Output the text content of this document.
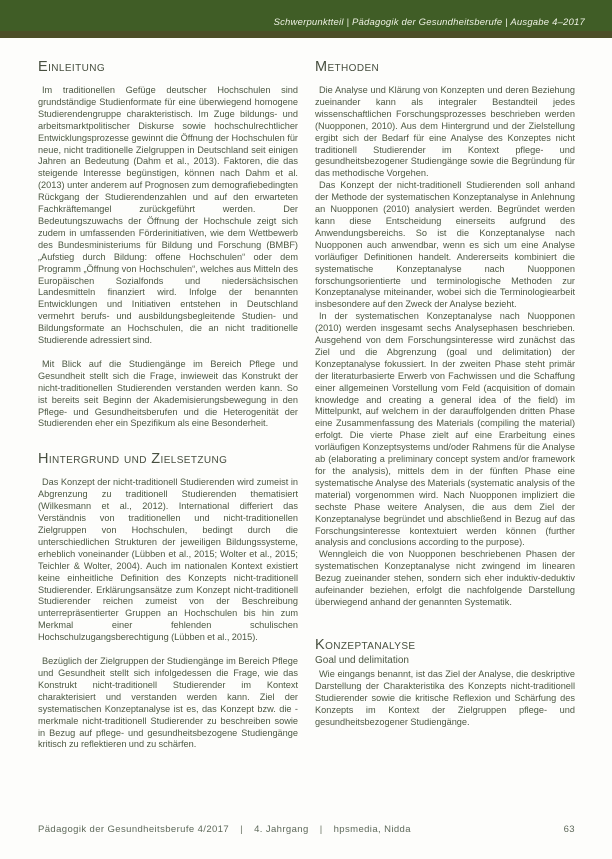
Schwerpunktteil | Pädagogik der Gesundheitsberufe | Ausgabe 4–2017
Einleitung

Im traditionellen Gefüge deutscher Hochschulen sind grundständige Studienformate für eine überwiegend homogene Studierendengruppe charakteristisch. Im Zuge bildungs- und arbeitsmarktpolitischer Diskurse sowie hochschulrechtlicher Entwicklungsprozesse gewinnt die Öffnung der Hochschulen für neue, nicht traditionelle Zielgruppen in Deutschland seit einigen Jahren an Bedeutung (Dahm et al., 2013). Faktoren, die das steigende Interesse begünstigen, können nach Dahm et al. (2013) unter anderem auf Prognosen zum demografiebedingten Rückgang der Studierendenzahlen und auf den erwarteten Fachkräftemangel zurückgeführt werden. Der Bedeutungszuwachs der Öffnung der Hochschule zeigt sich zudem in umfassenden Förderinitiativen, wie dem Wettbewerb des Bundesministeriums für Bildung und Forschung (BMBF) „Aufstieg durch Bildung: offene Hochschulen“ oder dem Programm „Öffnung von Hochschulen“, welches aus Mitteln des Europäischen Sozialfonds und niedersächsischen Landesmitteln finanziert wird. Infolge der benannten Entwicklungen und Initiativen entstehen in Deutschland vermehrt berufs- und ausbildungsbegleitende Studien- und Bildungsformate an Hochschulen, die an nicht traditionelle Studierende adressiert sind.

Mit Blick auf die Studiengänge im Bereich Pflege und Gesundheit stellt sich die Frage, inwieweit das Konstrukt der nicht-traditionellen Studierenden verstanden werden kann. So ist bereits seit Beginn der Akademisierungsbewegung in den Pflege- und Gesundheitsberufen und die Heterogenität der Studierenden eher ein Spezifikum als eine Besonderheit.

Hintergrund und Zielsetzung

Das Konzept der nicht-traditionell Studierenden wird zumeist in Abgrenzung zu traditionell Studierenden thematisiert (Wilkesmann et al., 2012). International differiert das Verständnis von traditionellen und nicht-traditionellen Zielgruppen von Hochschulen, bedingt durch die unterschiedlichen Strukturen der jeweiligen Bildungssysteme, erheblich voneinander (Lübben et al., 2015; Wolter et al., 2015; Teichler & Wolter, 2004). Auch im nationalen Kontext existiert keine einheitliche Definition des Konzepts nicht-traditionell Studierender. Erklärungsansätze zum Konzept nicht-traditionell Studierender reichen zumeist von der Beschreibung unterrepräsentierter Gruppen an Hochschulen bis hin zum Merkmal einer fehlenden schulischen Hochschulzugangsberechtigung (Lübben et al., 2015).

Bezüglich der Zielgruppen der Studiengänge im Bereich Pflege und Gesundheit stellt sich infolgedessen die Frage, wie das Konstrukt nicht-traditionell Studierender im Kontext charakterisiert und verstanden werden kann. Ziel der systematischen Konzeptanalyse ist es, das Konzept bzw. die -merkmale nicht-traditionell Studierender zu beschreiben sowie in Bezug auf pflege- und gesundheitsbezogene Studiengänge kritisch zu reflektieren und zu schärfen.

Methoden

Die Analyse und Klärung von Konzepten und deren Beziehung zueinander kann als integraler Bestandteil jedes wissenschaftlichen Forschungsprozesses beschrieben werden (Nuopponen, 2010). Aus dem Hintergrund und der Zielstellung ergibt sich der Bedarf für eine Analyse des Konzeptes nicht traditionell Studierender im Kontext pflege- und gesundheitsbezogener Studiengänge sowie die Begründung für das methodische Vorgehen.

Das Konzept der nicht-traditionell Studierenden soll anhand der Methode der systematischen Konzeptanalyse in Anlehnung an Nuopponen (2010) analysiert werden. Begründet werden kann diese Entscheidung einerseits aufgrund des Anwendungsbereichs. So ist die Konzeptanalyse nach Nuopponen auch anwendbar, wenn es sich um eine Analyse vorläufiger Definitionen handelt. Andererseits kombiniert die systematische Konzeptanalyse nach Nuopponen forschungsorientierte und terminologische Methoden zur Konzeptanalyse miteinander, wobei sich die Terminologiearbeit insbesondere auf den Zweck der Analyse bezieht.

In der systematischen Konzeptanalyse nach Nuopponen (2010) werden insgesamt sechs Analysephasen beschrieben. Ausgehend von dem Forschungsinteresse wird zunächst das Ziel und die Abgrenzung (goal und delimitation) der Konzeptanalyse fokussiert. In der zweiten Phase steht primär der literaturbasierte Erwerb von Fachwissen und die Schaffung einer allgemeinen Vorstellung vom Feld (acquisition of domain knowledge and creating a general idea of the field) im Mittelpunkt, auf welchem in der darauffolgenden dritten Phase eine Zusammenfassung des Materials (compiling the material) erfolgt. Die vierte Phase zielt auf eine Erarbeitung eines vorläufigen Konzeptsystems und/oder Rahmens für die Analyse ab (elaborating a preliminary concept system and/or framework for the analysis), mittels dem in der fünften Phase eine systematische Analyse des Materials (systematic analysis of the material) vorgenommen wird. Nach Nuopponen impliziert die sechste Phase weitere Analysen, die aus dem Ziel der Konzeptanalyse begründet und abschließend in Bezug auf das Forschungsinteresse kontextuiert werden können (further analysis and conclusions according to the purpose).

Wenngleich die von Nuopponen beschriebenen Phasen der systematischen Konzeptanalyse nicht zwingend im linearen Bezug zueinander stehen, sondern sich eher induktiv-deduktiv aufeinander beziehen, erfolgt die nachfolgende Darstellung überwiegend anhand der genannten Systematik.

Konzeptanalyse
Goal und delimitation

Wie eingangs benannt, ist das Ziel der Analyse, die deskriptive Darstellung der Charakteristika des Konzepts nicht-traditionell Studierender sowie die kritische Reflexion und Schärfung des Konzepts im Kontext der Zielgruppen pflege- und gesundheitsbezogener Studiengänge.

Pädagogik der Gesundheitsberufe 4/2017 | 4. Jahrgang | hpsmedia, Nidda	63
